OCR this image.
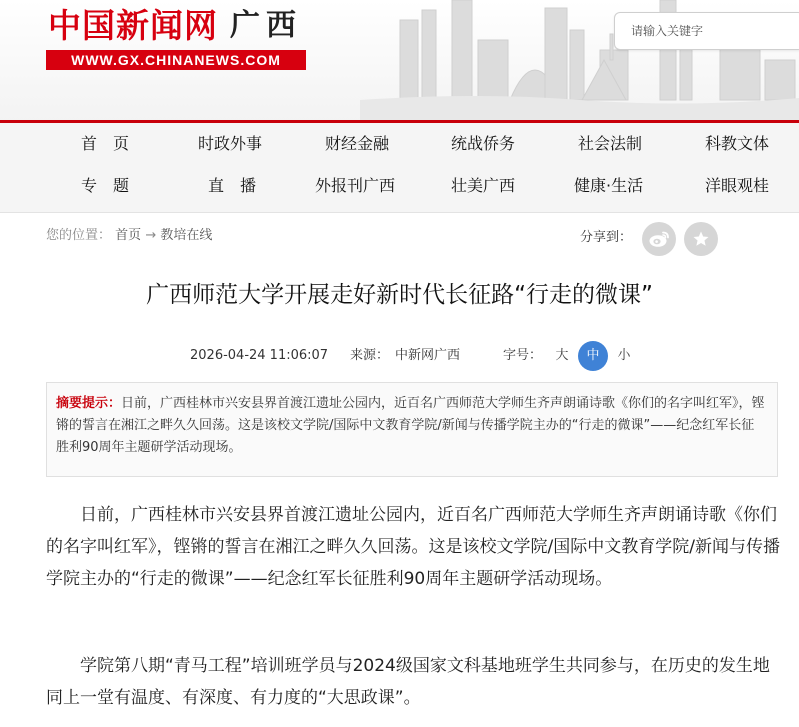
中国新闻网 广西
WWW.GX.CHINANEWS.COM
请输入关键字
首　页	时政外事	财经金融	统战侨务	社会法制	科教文体
专　题	直　播	外报刊广西	壮美广西	健康·生活	洋眼观桂
您的位置： 首页 → 教培在线	分享到：
广西师范大学开展走好新时代长征路“行走的微课”
2026-04-24 11:06:07 来源： 中新网广西	字号：	大	中	小
摘要提示：日前，广西桂林市兴安县界首渡江遗址公园内，近百名广西师范大学师生齐声朗诵诗歌《你们的名字叫红军》，铿锵的誓言在湘江之畔久久回荡。这是该校文学院/国际中文教育学院/新闻与传播学院主办的“行走的微课”——纪念红军长征胜利90周年主题研学活动现场。

日前，广西桂林市兴安县界首渡江遗址公园内，近百名广西师范大学师生齐声朗诵诗歌《你们的名字叫红军》，铿锵的誓言在湘江之畔久久回荡。这是该校文学院/国际中文教育学院/新闻与传播学院主办的“行走的微课”——纪念红军长征胜利90周年主题研学活动现场。

学院第八期“青马工程”培训班学员与2024级国家文科基地班学生共同参与，在历史的发生地同上一堂有温度、有深度、有力度的“大思政课”。
